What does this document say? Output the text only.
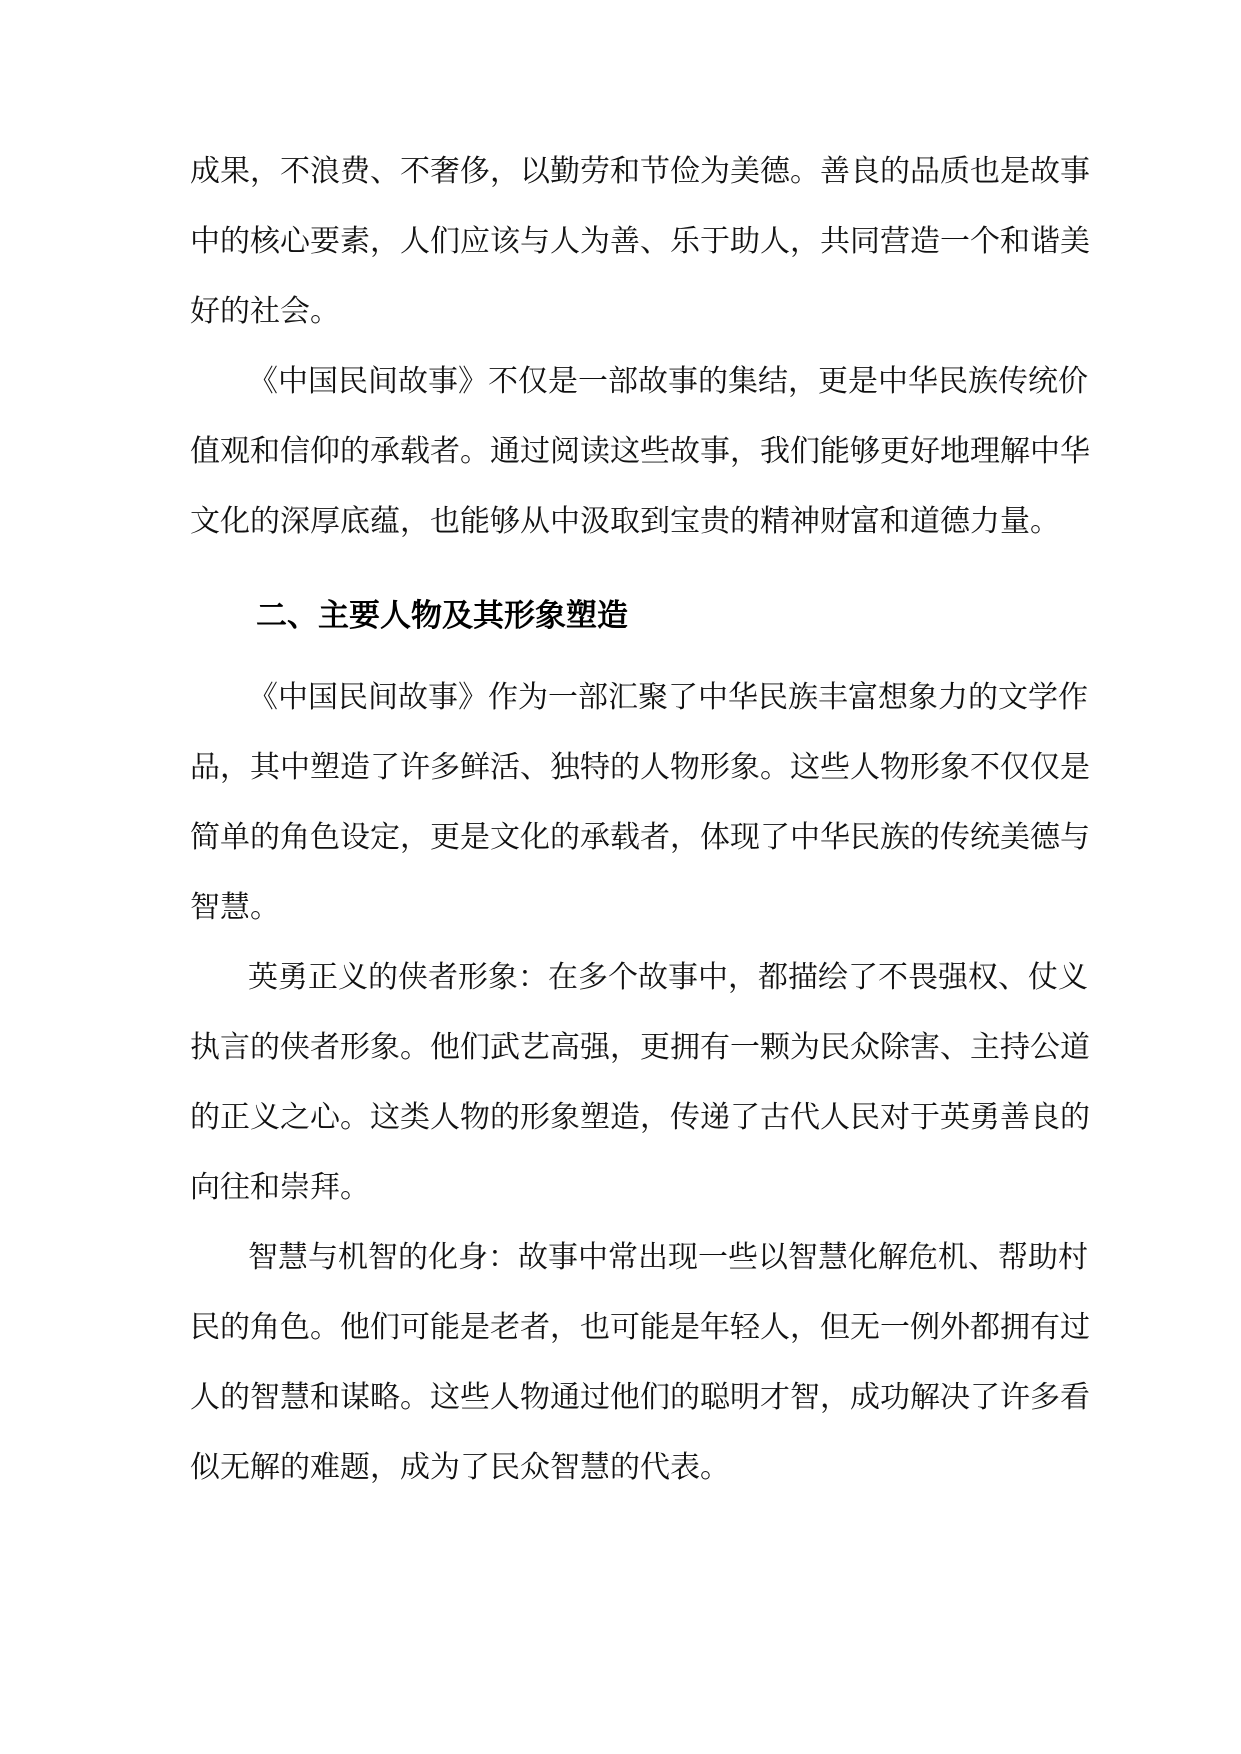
成果，不浪费、不奢侈，以勤劳和节俭为美德。善良的品质也是故事
中的核心要素，人们应该与人为善、乐于助人，共同营造一个和谐美
好的社会。
《中国民间故事》不仅是一部故事的集结，更是中华民族传统价
值观和信仰的承载者。通过阅读这些故事，我们能够更好地理解中华
文化的深厚底蕴，也能够从中汲取到宝贵的精神财富和道德力量。
二、主要人物及其形象塑造
《中国民间故事》作为一部汇聚了中华民族丰富想象力的文学作
品，其中塑造了许多鲜活、独特的人物形象。这些人物形象不仅仅是
简单的角色设定，更是文化的承载者，体现了中华民族的传统美德与
智慧。
英勇正义的侠者形象：在多个故事中，都描绘了不畏强权、仗义
执言的侠者形象。他们武艺高强，更拥有一颗为民众除害、主持公道
的正义之心。这类人物的形象塑造，传递了古代人民对于英勇善良的
向往和崇拜。
智慧与机智的化身：故事中常出现一些以智慧化解危机、帮助村
民的角色。他们可能是老者，也可能是年轻人，但无一例外都拥有过
人的智慧和谋略。这些人物通过他们的聪明才智，成功解决了许多看
似无解的难题，成为了民众智慧的代表。
